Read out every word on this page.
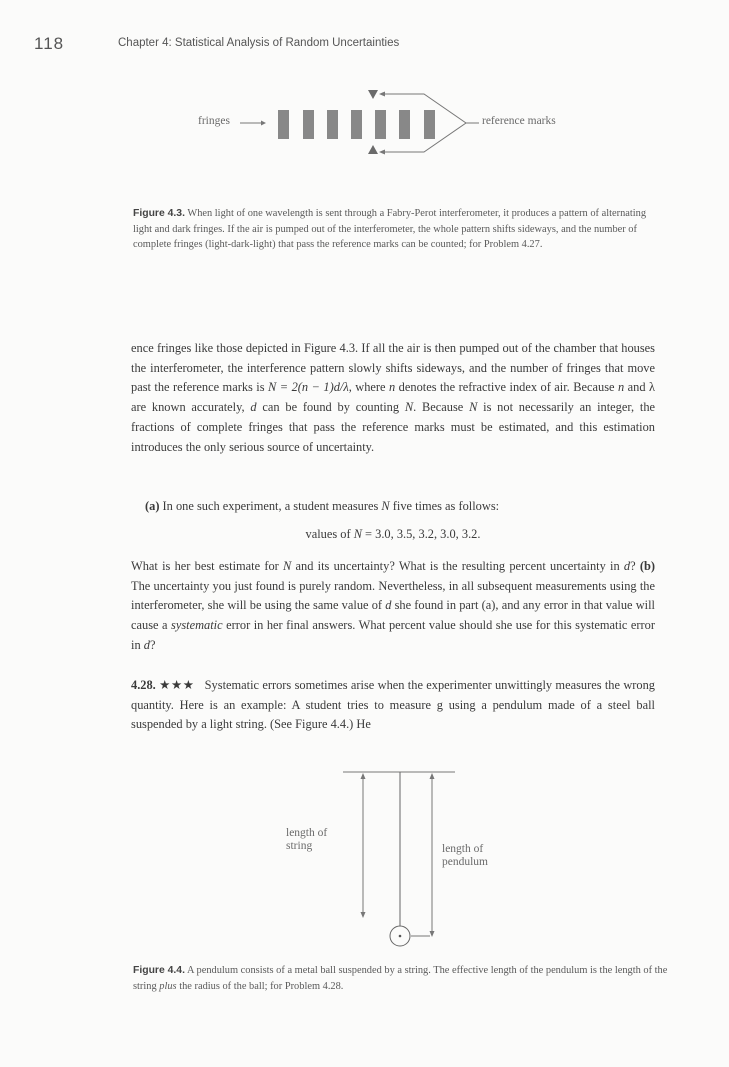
118	Chapter 4: Statistical Analysis of Random Uncertainties
fringes	reference marks

Figure 4.3. When light of one wavelength is sent through a Fabry-Perot interferometer, it produces a pattern of alternating light and dark fringes. If the air is pumped out of the interferometer, the whole pattern shifts sideways, and the number of complete fringes (light-dark-light) that pass the reference marks can be counted; for Problem 4.27.

ence fringes like those depicted in Figure 4.3. If all the air is then pumped out of the chamber that houses the interferometer, the interference pattern slowly shifts sideways, and the number of fringes that move past the reference marks is N = 2(n − 1)d/λ, where n denotes the refractive index of air. Because n and λ are known accurately, d can be found by counting N. Because N is not necessarily an integer, the fractions of complete fringes that pass the reference marks must be estimated, and this estimation introduces the only serious source of uncertainty.

(a) In one such experiment, a student measures N five times as follows:

values of N = 3.0, 3.5, 3.2, 3.0, 3.2.

What is her best estimate for N and its uncertainty? What is the resulting percent uncertainty in d? (b) The uncertainty you just found is purely random. Nevertheless, in all subsequent measurements using the interferometer, she will be using the same value of d she found in part (a), and any error in that value will cause a systematic error in her final answers. What percent value should she use for this systematic error in d?

4.28. ★★★ Systematic errors sometimes arise when the experimenter unwittingly measures the wrong quantity. Here is an example: A student tries to measure g using a pendulum made of a steel ball suspended by a light string. (See Figure 4.4.) He

length of
string	length of
pendulum

Figure 4.4. A pendulum consists of a metal ball suspended by a string. The effective length of the pendulum is the length of the string plus the radius of the ball; for Problem 4.28.
